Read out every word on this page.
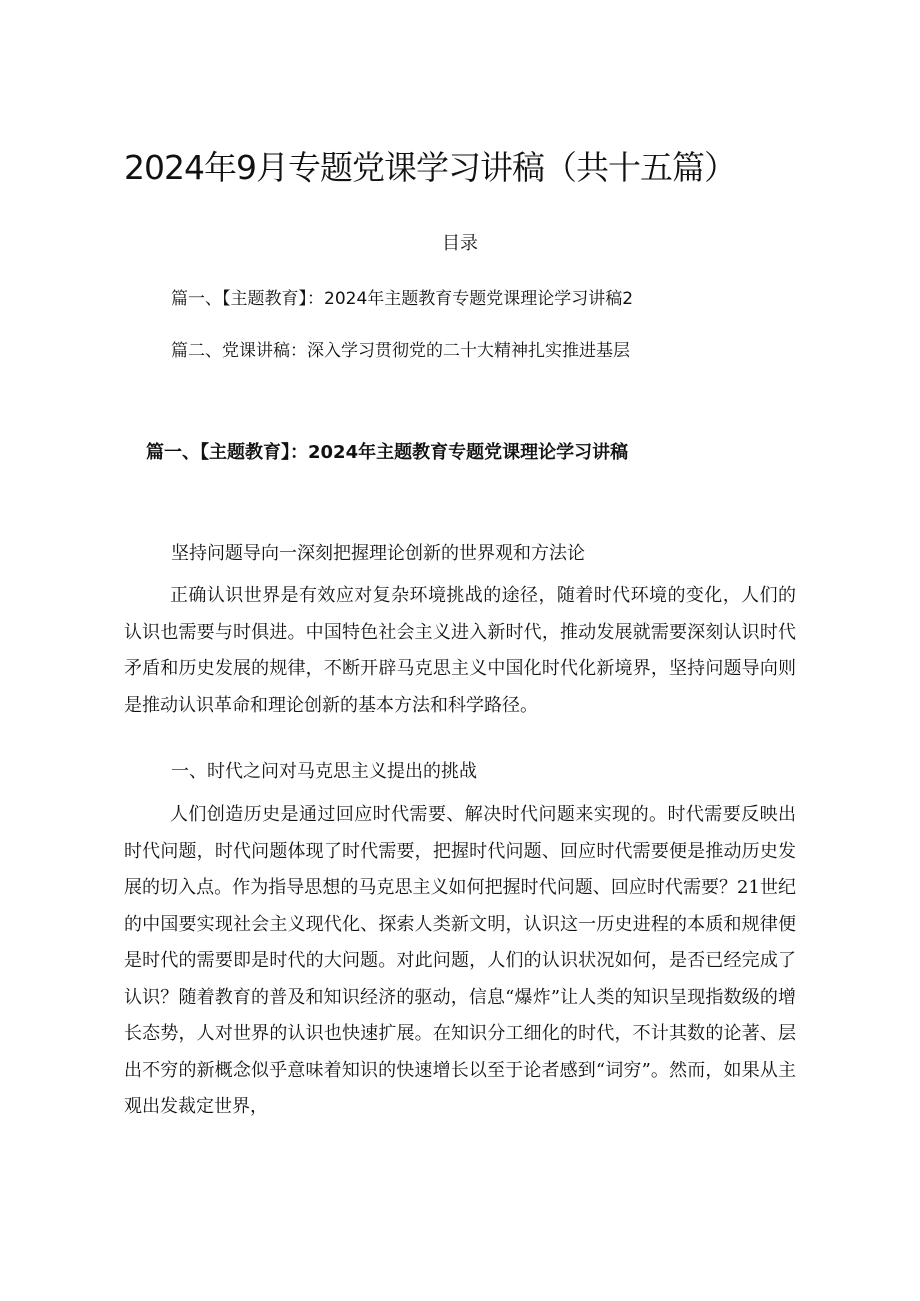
2024年9月专题党课学习讲稿（共十五篇）
目录
篇一、【主题教育】：2024年主题教育专题党课理论学习讲稿2
篇二、党课讲稿：深入学习贯彻党的二十大精神扎实推进基层
篇一、【主题教育】：2024年主题教育专题党课理论学习讲稿
坚持问题导向一深刻把握理论创新的世界观和方法论

正确认识世界是有效应对复杂环境挑战的途径，随着时代环境的变化，人们的认识也需要与时俱进。中国特色社会主义进入新时代，推动发展就需要深刻认识时代矛盾和历史发展的规律，不断开辟马克思主义中国化时代化新境界，坚持问题导向则是推动认识革命和理论创新的基本方法和科学路径。

一、时代之问对马克思主义提出的挑战

人们创造历史是通过回应时代需要、解决时代问题来实现的。时代需要反映出时代问题，时代问题体现了时代需要，把握时代问题、回应时代需要便是推动历史发展的切入点。作为指导思想的马克思主义如何把握时代问题、回应时代需要？21世纪的中国要实现社会主义现代化、探索人类新文明，认识这一历史进程的本质和规律便是时代的需要即是时代的大问题。对此问题，人们的认识状况如何，是否已经完成了认识？随着教育的普及和知识经济的驱动，信息“爆炸”让人类的知识呈现指数级的增长态势，人对世界的认识也快速扩展。在知识分工细化的时代，不计其数的论著、层出不穷的新概念似乎意味着知识的快速增长以至于论者感到“词穷”。然而，如果从主观出发裁定世界，
